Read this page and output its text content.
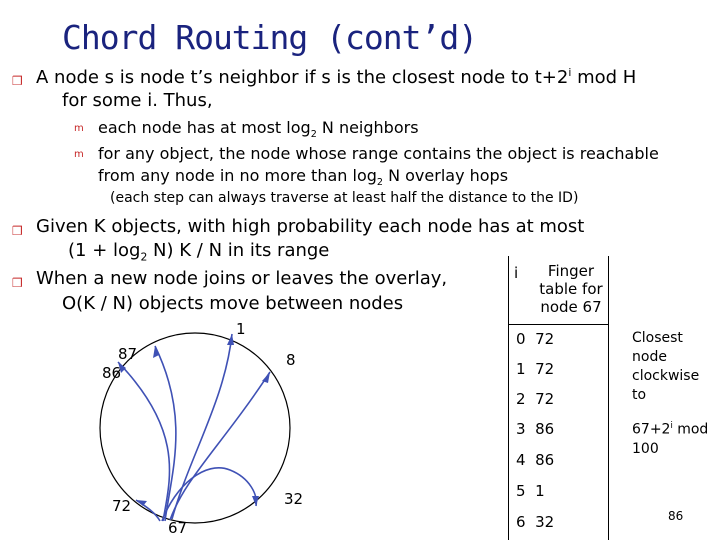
Chord Routing (cont’d)
❒ A node s is node t’s neighbor if s is the closest node to $t+2^i$ mod H
for some i. Thus,
m each node has at most $\log_2 N$ neighbors
m for any object, the node whose range contains the object is reachable
from any node in no more than $\log_2 N$ overlay hops
(each step can always traverse at least half the distance to the ID)
❒ Given K objects, with high probability each node has at most
$(1 + \log_2 N)$ K / N in its range
❒ When a new node joins or leaves the overlay,
O(K / N) objects move between nodes
1
8
87
86
72	32
67
i	Finger
table for
node 67
0 72
1 72
2 72
3 86
4 86
5 1
6 32
Closest
node
clockwise
to
$67+2^i$ mod
100
86
